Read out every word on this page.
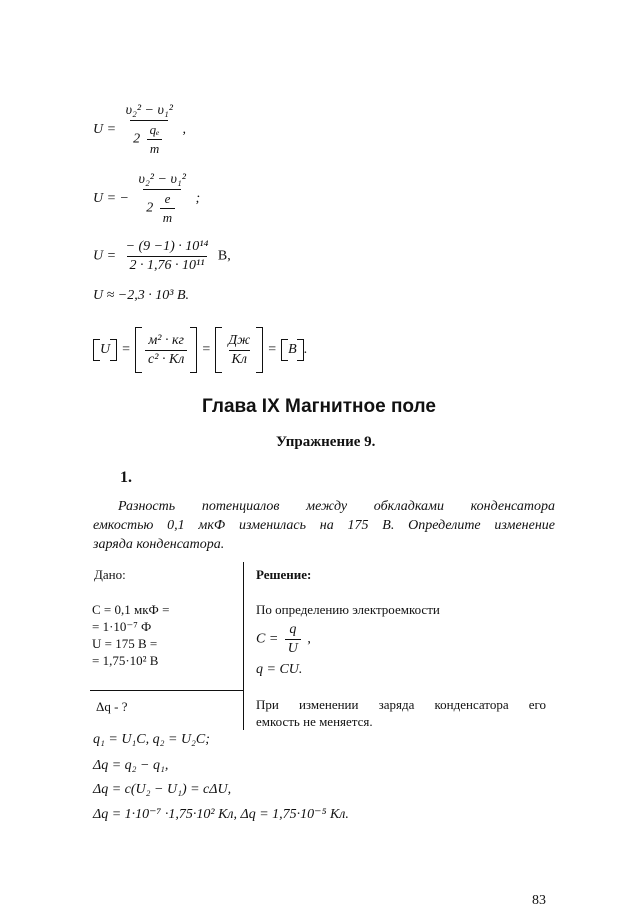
$U = \frac{\text{υ₂² − υ₁²}}{2 \frac{\text{qₑ}}{m}}$ ,
U = − $\frac{\text{υ₂² − υ₁²}}{2 \frac{e}{m}}$ ;
$U = \frac{\text{− (9 −1) · 10¹⁴}}{\text{2 · 1,76 · 10¹¹}} В$,
U ≈ −2,3 · 10³ В.
$U = \frac{\text{м² · кг}}{\text{с² · Кл}} = \frac{Дж}{Кл} = В$ .
Глава IX Магнитное поле
Упражнение 9.
1.
Разность потенциалов между обкладками конденсатора
емкостью 0,1 мкФ изменилась на 175 В. Определите изменение
заряда конденсатора.
Дано:	Решение:
C = 0,1 мкФ =
= 1·10⁻⁷ Ф
U = 175 В =
= 1,75·10² В
По определению электроемкости
$C = \frac{q}{U}$ ,
q = CU.
Δq - ?	При изменении заряда конденсатора его
емкость не меняется.
q₁ = U₁C, q₂ = U₂C;
Δq = q₂ − q₁,
Δq = c(U₂ − U₁) = cΔU,
Δq = 1·10⁻⁷ ·1,75·10² Кл, Δq = 1,75·10⁻⁵ Кл.
83
